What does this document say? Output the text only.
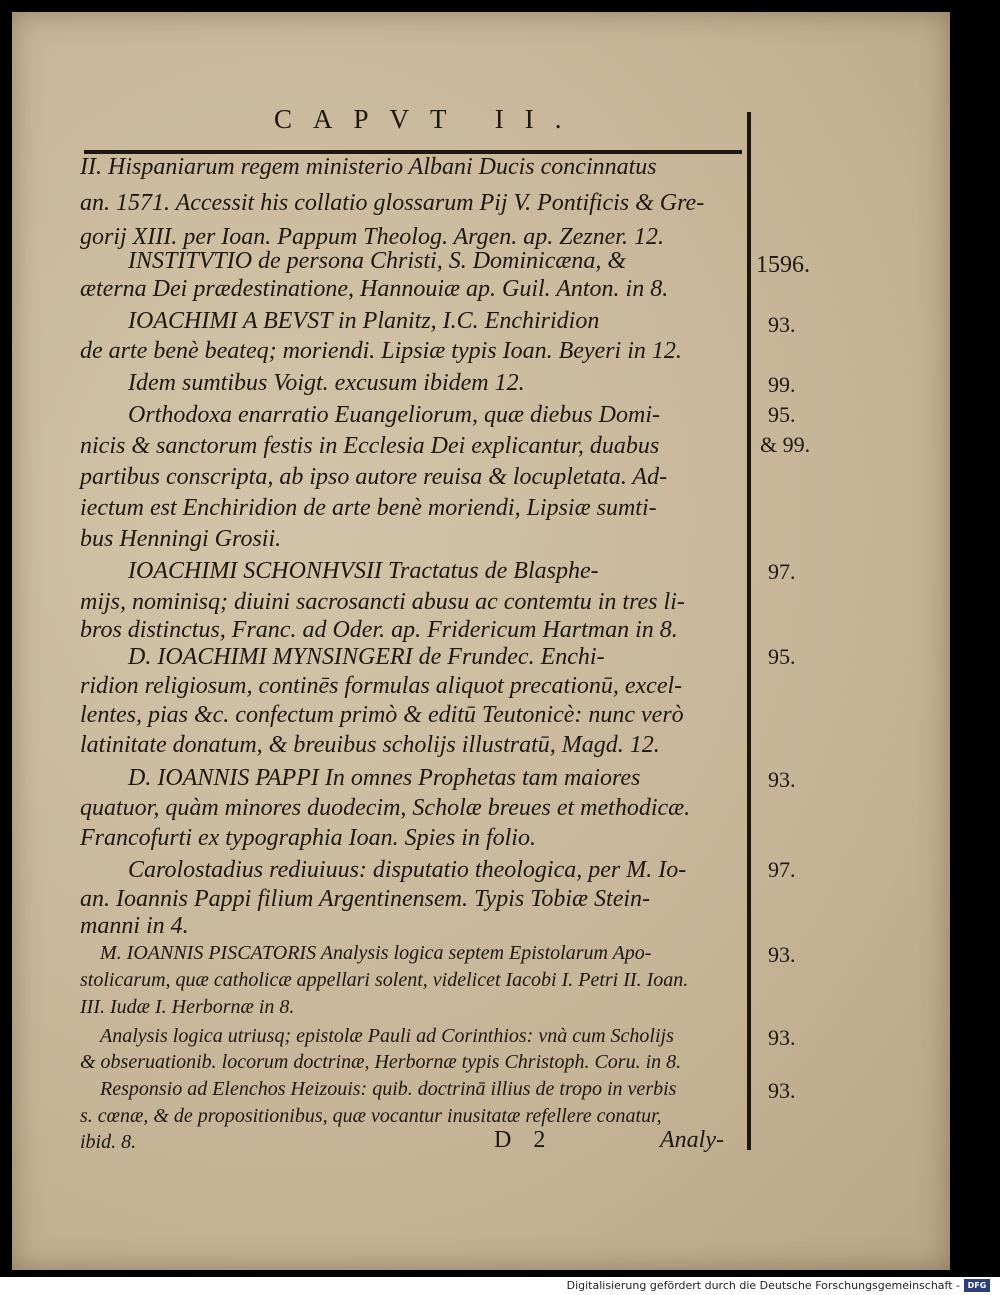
CAPVT II.
II. Hispaniarum regem ministerio Albani Ducis concinnatus
an. 1571. Accessit his collatio glossarum Pij V. Pontificis & Gre-
gorij XIII. per Ioan. Pappum Theolog. Argen. ap. Zezner. 12.
INSTITVTIO de persona Christi, S. Dominicæna, &
æterna Dei prædestinatione, Hannouiæ ap. Guil. Anton. in 8.
IOACHIMI A BEVST in Planitz, I.C. Enchiridion
de arte benè beateq; moriendi. Lipsiæ typis Ioan. Beyeri in 12.
Idem sumtibus Voigt. excusum ibidem 12.
Orthodoxa enarratio Euangeliorum, quæ diebus Domi-
nicis & sanctorum festis in Ecclesia Dei explicantur, duabus
partibus conscripta, ab ipso autore reuisa & locupletata. Ad-
iectum est Enchiridion de arte benè moriendi, Lipsiæ sumti-
bus Henningi Grosii.
IOACHIMI SCHONHVSII Tractatus de Blasphe-
mijs, nominisq; diuini sacrosancti abusu ac contemtu in tres li-
bros distinctus, Franc. ad Oder. ap. Fridericum Hartman in 8.
D. IOACHIMI MYNSINGERI de Frundec. Enchi-
ridion religiosum, continēs formulas aliquot precationū, excel-
lentes, pias &c. confectum primò & editū Teutonicè: nunc verò
latinitate donatum, & breuibus scholijs illustratū, Magd. 12.
D. IOANNIS PAPPI In omnes Prophetas tam maiores
quatuor, quàm minores duodecim, Scholæ breues et methodicæ.
Francofurti ex typographia Ioan. Spies in folio.
Carolostadius rediuiuus: disputatio theologica, per M. Io-
an. Ioannis Pappi filium Argentinensem. Typis Tobiæ Stein-
manni in 4.
M. IOANNIS PISCATORIS Analysis logica septem Epistolarum Apo-
stolicarum, quæ catholicæ appellari solent, videlicet Iacobi I. Petri II. Ioan.
III. Iudæ I. Herbornæ in 8.
Analysis logica utriusq; epistolæ Pauli ad Corinthios: vnà cum Scholijs
& obseruationib. locorum doctrinæ, Herbornæ typis Christoph. Coru. in 8.
Responsio ad Elenchos Heizouis: quib. doctrinā illius de tropo in verbis
s. cœnæ, & de propositionibus, quæ vocantur inusitatæ refellere conatur,
ibid. 8.	D 2	Analy-
1596.
93.
99.
95.
& 99.
97.
95.
93.
97.
93.
93.
93.
Digitalisierung gefördert durch die Deutsche Forschungsgemeinschaft - DFG
